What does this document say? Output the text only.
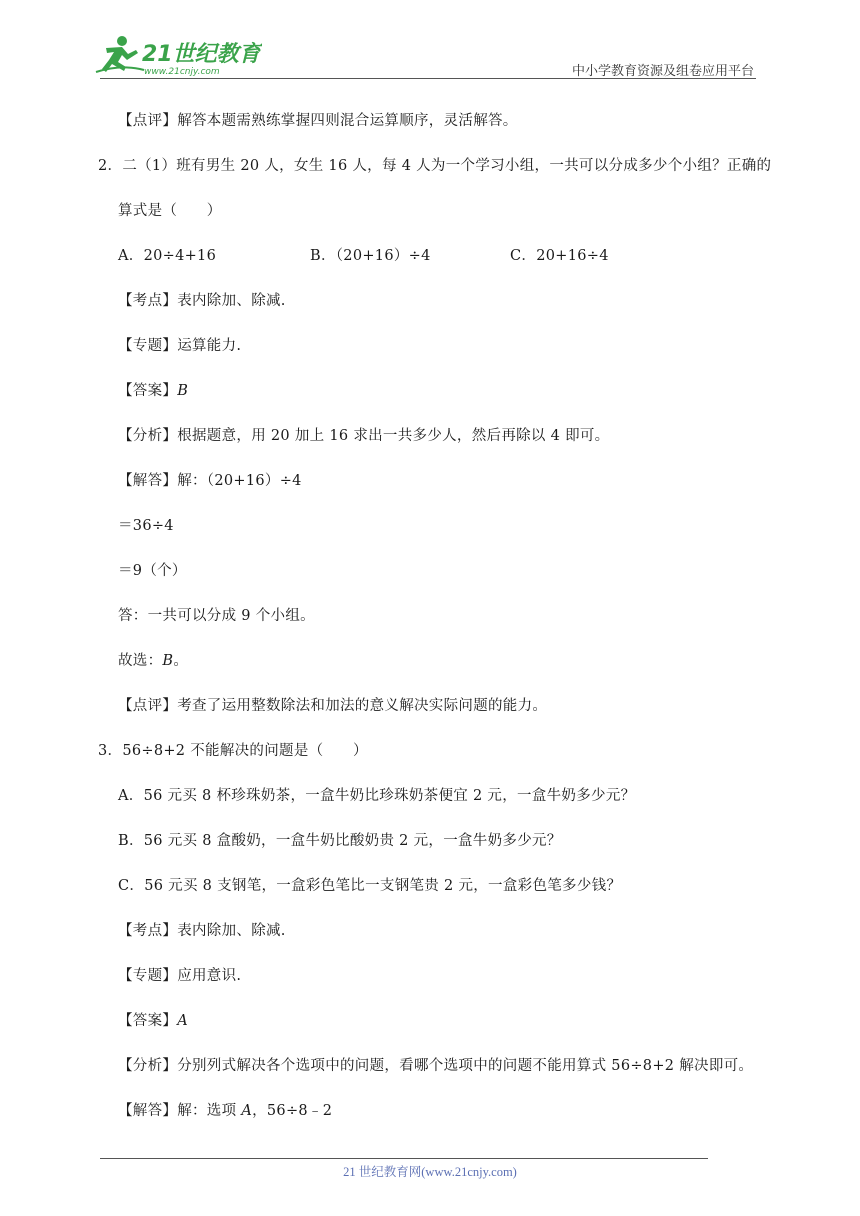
21世纪教育
www.21cnjy.com	中小学教育资源及组卷应用平台
【点评】解答本题需熟练掌握四则混合运算顺序，灵活解答。
2．二（1）班有男生 20 人，女生 16 人，每 4 人为一个学习小组，一共可以分成多少个小组？正确的
算式是（　　）
A．20÷4+16	B．（20+16）÷4	C．20+16÷4
【考点】表内除加、除减.
【专题】运算能力.
【答案】B
【分析】根据题意，用 20 加上 16 求出一共多少人，然后再除以 4 即可。
【解答】解：（20+16）÷4
＝36÷4
＝9（个）
答：一共可以分成 9 个小组。
故选：B。
【点评】考查了运用整数除法和加法的意义解决实际问题的能力。
3．56÷8+2 不能解决的问题是（　　）
A．56 元买 8 杯珍珠奶茶，一盒牛奶比珍珠奶茶便宜 2 元，一盒牛奶多少元？
B．56 元买 8 盒酸奶，一盒牛奶比酸奶贵 2 元，一盒牛奶多少元？
C．56 元买 8 支钢笔，一盒彩色笔比一支钢笔贵 2 元，一盒彩色笔多少钱？
【考点】表内除加、除减.
【专题】应用意识.
【答案】A
【分析】分别列式解决各个选项中的问题，看哪个选项中的问题不能用算式 56÷8+2 解决即可。
【解答】解：选项 A，56÷8﹣2
21 世纪教育网(www.21cnjy.com)
